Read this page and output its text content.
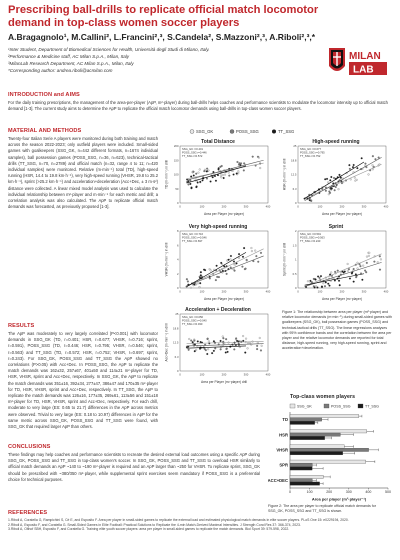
Prescribing ball-drills to replicate official match locomotor demand in top-class women soccer players
A.Bragagnolo¹, M.Callini², L.Francini²,³, S.Candela², S.Mazzoni²,³, A.Riboli²,³,*
¹Inter Student, Department of Biomedical Sciences for Health, Università degli Studi di Milano, Italy.
²Performance & Medicine staff, AC Milan S.p.A., Milan, Italy
³MilanLab Research Department, AC Milan S.p.A., Milan, Italy
*Corresponding author: andrea.riboli@acmilan.com
MILAN
LAB
INTRODUCTION and AIMS
For the daily training prescriptions, the management of the area-per-player (ApP, m²·player) during ball-drills helps coaches and performance scientists to modulate the locomotor intensity up to official match demand [1-3]. The current study aims to determine the ApP to replicate the official match locomotor demands using ball-drills in top-class women soccer players.
MATERIAL AND METHODS
Twenty-four Italian Serie A players were monitored during both training and match across the season 2022-2023; only outfield players were included. Small-sided games with goalkeepers (SSG_GK, n=442 different formats, n=1674 individual samples), ball possession games (POSS_SSG, n=36, n=623), technical-tactical drills (TT_SSG, n=70, n=2789) and official match (n=32, range 4 to 11; n=420 individual samples) were monitored. Relative (m·min⁻¹) total (TD), high-speed running (HSR, 14.4 to 19.8 km·h⁻¹), very high-speed running (VHSR, 19.8 to 25.2 km·h⁻¹), sprint (>25.2 km·h⁻¹) and acceleration+deceleration (Acc+Dec, ± 3 m·s²) distance were collected. A linear mixed model analysis was used to calculate the individual relationship between m²·player and m·min⁻¹ for each metric and drill; a correlation analysis was also calculated. The ApP to replicate official match demands was forecasted, as previously proposed [1-3].
RESULTS
The ApP was moderately to very largely correlated (P<0.001) with locomotor demands in SSG_GK (TD, r=0.401; HSR, r=0.677; VHSR, r=0.716; sprint, r=0.591), POSS_SSG (TD, r=0.446; HSR, r=0.795; VHSR, r=0.546; sprint, r=0.563) and TT_SSG (TD, r=0.572; HSR, r=0.752; VHSR, r=0.697; sprint, r=0.243). For SSG_GK, POSS_SSG and TT_SSG the ApP showed no correlations (P>0.05) with Acc+Dec. In POSS_SSG, the ApP to replicate the match demands was 162±32, 257±67, 401±50 and 114±21 m²·player for TD, HSR, VHSR, sprint and Acc+Dec, respectively. In SSG_GK, the ApP to replicate the match demands was 351±16, 392±34, 277±47, 386±47 and 170±35 m²·player for TD, HSR, VHSR, sprint and Acc+Dec, respectively. In TT_SSG, the ApP to replicate the match demands was 126±16, 177±35, 269±61, 113±56 and 151±18 m²·player for TD, HSR, VHSR, sprint and Acc+Dec, respectively. For each drill, moderate to very large (ES: 0.65 to 21.7) differences in the ApP across metrics were observed. Trivial to very large (ES: 0.18 to 10.97) differences in ApP for the same metric across SSG_GK, POSS_SSG and TT_SSG were found, with SSG_GK that required larger ApP than others.
CONCLUSIONS
These findings may help coaches and performance scientists to recreate the desired external load outcomes using a specific ApP during SSG_GK, POSS_SSG and TT_SSG in top-class women's soccer. In SSG_GK, POSS_SSG and TT_SSG to overload HSR similarly to official match demands an ApP ~140 to ~190 m²·player is required and an ApP larger than ~250 for VHSR. To replicate sprint, SSG_GK should be prescribed with ~380/350 m²·player, while supplemental sprint exercises seem mandatory if POSS_SSG is a preferential choice for technical purposes.
REFERENCES
1.Riboli A, Coratella G, Rampichini S, Cè E, and Esposito F. Area per player in small-sided games to replicate the external load and estimated physiological match demands in elite soccer players. PLoS One 15: e0229194, 2020.
2.Riboli A, Esposito F, and Coratella G. Small-Sided Games in Elite Football: Practical Solutions to Replicate the 4-min Match-Derived Maximal Intensities. J Strength Cond Res 37: 366-374, 2023.
3.Riboli A, Olthof SBH, Esposito F, and Coratella G. Training elite youth soccer players: area per player in small-sided games to replicate the match demands. Biol Sport 39: 579-598, 2022.
SSG_GK	POSS_SSG	TT_SSG
Total Distance
0
0
100
50
200
100
300
150
400
200
Area per Player (m²·player)
TD (m·min⁻¹) in drill
SSG_GK r=0.401
POSS_SSG r=0.446
TT_SSG r=0.572
High-speed running
0
0
100
6.3
200
12.5
300
18.8
400
25
Area per Player (m²·player)
HSR (m·min⁻¹) in drill
SSG_GK r=0.677
POSS_SSG r=0.795
TT_SSG r=0.752
Very high-speed running
0
0
100
2
200
4
300
6
400
8
Area per Player (m²·player)
VHSR (m·min⁻¹) in drill
SSG_GK r=0.716
POSS_SSG r=0.546
TT_SSG r=0.697
Sprint
0
0
100
0.5
200
1
300
1.5
400
2
Area per Player (m²·player)
Sprint (m·min⁻¹) in drill
SSG_GK r=0.591
POSS_SSG r=0.563
TT_SSG r=0.243
Acceleration + Deceleration
0
0
100
6.3
200
12.5
300
18.8
400
25
Area per Player (m²·player) drill
Acc+Dec (m·min⁻¹) in drill
SSG_GK r=0.050
POSS_SSG r=0.040
TT_SSG r=0.030
Figure 1: The relationship between area per player (m²·player) and relative locomotor demands (m·min⁻¹) during small-sided games with goalkeepers (SSG_GK), ball possession games (POSS_SSG) and technical-tactical drills (TT_SSG). The linear regressions analyses with 95% confidence bands and the correlation between the area per player and the relative locomotor demands are reported for total distance, high-speed running, very high-speed running, sprint and acceleration+deceleration.
Top-class women players
SSG_GK	POSS_SSG	TT_SSG
0	100	200	300	400	500
Area per player (m²·player⁻¹)
TD
HSR
VHSR
SPR
ACC+DEC
Figure 2: The area per player to replicate official match demands for SSG_GK, POSS_SSG and TT_SSG is shown.
